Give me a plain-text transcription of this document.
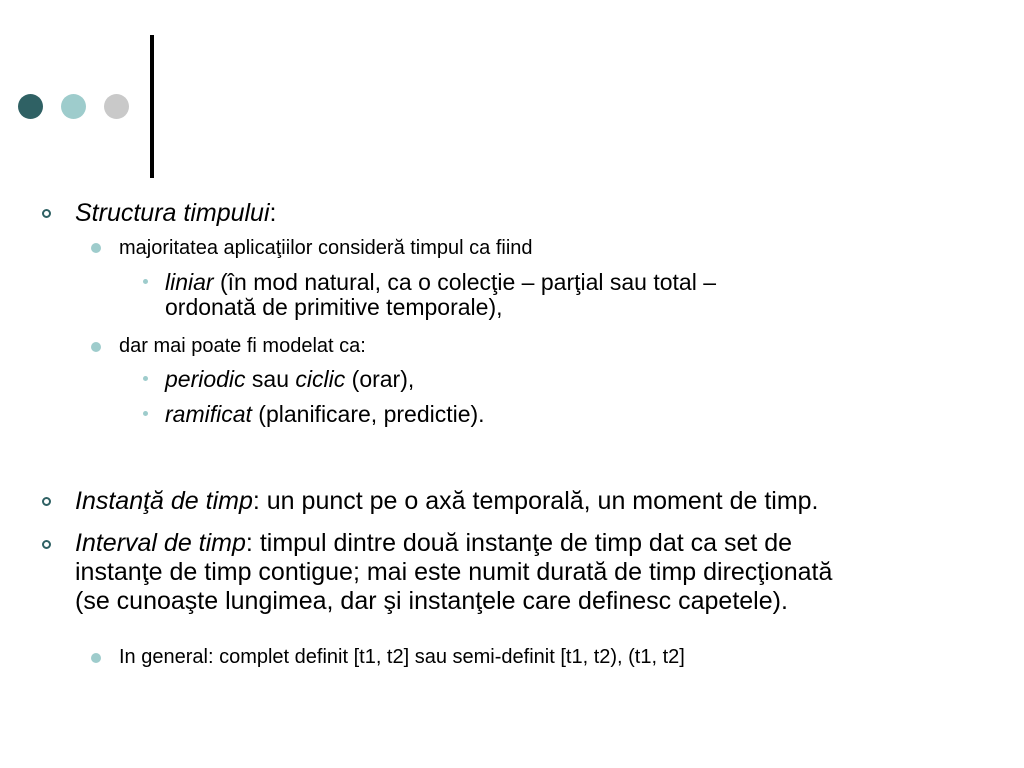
Structura timpului:
majoritatea aplicaţiilor consideră timpul ca fiind
liniar (în mod natural, ca o colecţie – parţial sau total –
ordonată de primitive temporale),
dar mai poate fi modelat ca:
periodic sau ciclic (orar),
ramificat (planificare, predictie).
Instanţă de timp: un punct pe o axă temporală, un moment de timp.
Interval de timp: timpul dintre două instanţe de timp dat ca set de
instanţe de timp contigue; mai este numit durată de timp direcţionată
(se cunoaşte lungimea, dar şi instanţele care definesc capetele).
In general: complet definit [t1, t2] sau semi-definit [t1, t2), (t1, t2]
